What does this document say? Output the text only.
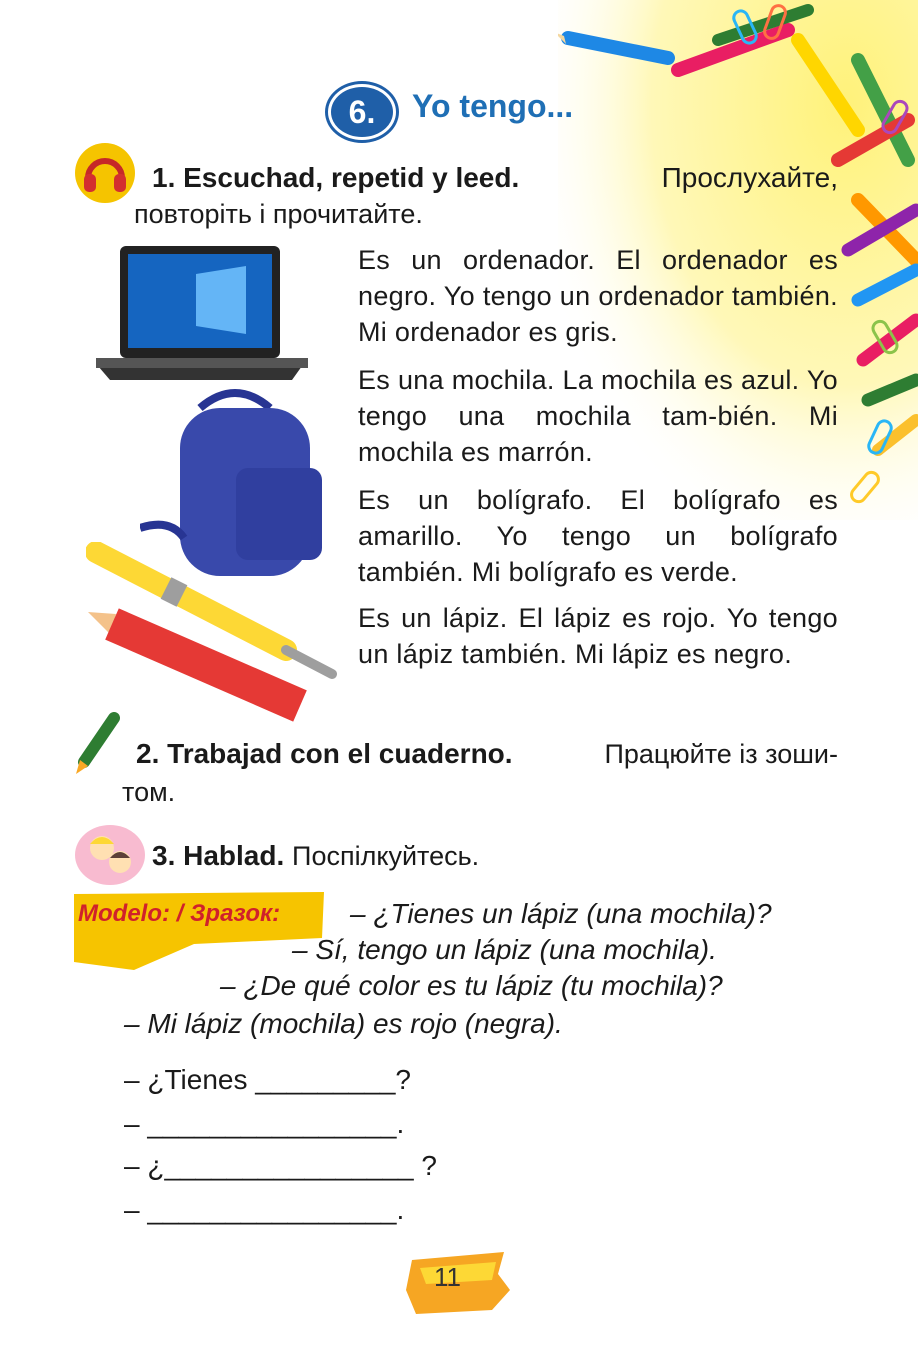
6.	Yo tengo...
1. Escuchad, repetid y leed.	Прослухайте,
повторіть і прочитайте.
Es un ordenador. El ordenador es negro. Yo tengo un ordenador también. Mi ordenador es gris.
Es una mochila. La mochila es azul. Yo tengo una mochila tam-bién. Mi mochila es marrón.
Es un bolígrafo. El bolígrafo es amarillo. Yo tengo un bolígrafo también. Mi bolígrafo es verde.
Es un lápiz. El lápiz es rojo. Yo tengo un lápiz también. Mi lápiz es negro.
2. Trabajad con el cuaderno.	Працюйте із зоши-
том.
3. Hablad. Поспілкуйтесь.
Modelo: / Зразок: – ¿Tienes un lápiz (una mochila)?
– Sí, tengo un lápiz (una mochila).
– ¿De qué color es tu lápiz (tu mochila)?
– Mi lápiz (mochila) es rojo (negra).
– ¿Tienes _________?
– ________________.
– ¿________________ ?
– ________________.
11
